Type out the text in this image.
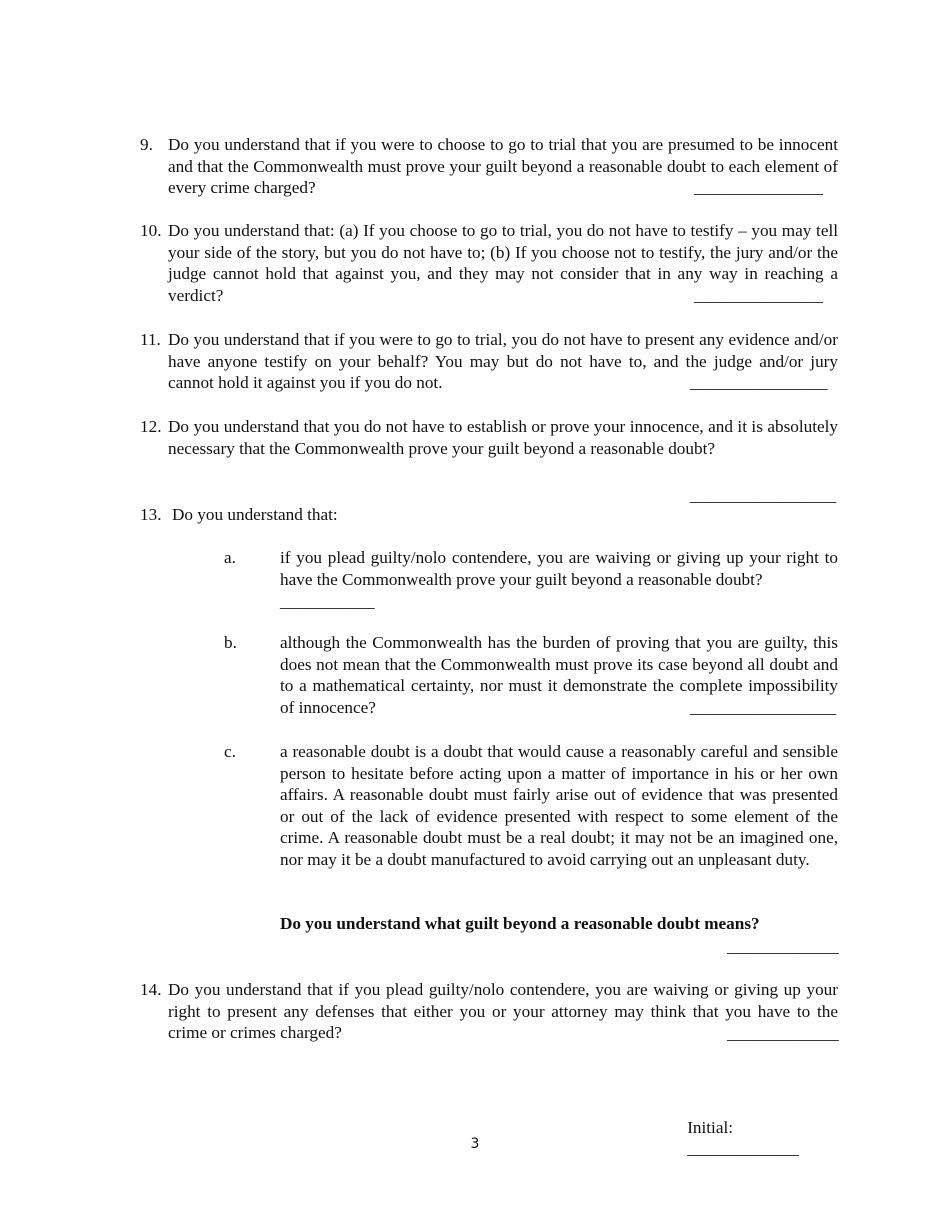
9. Do you understand that if you were to choose to go to trial that you are presumed to be innocent and that the Commonwealth must prove your guilt beyond a reasonable doubt to each element of every crime charged?	_______________
10. Do you understand that: (a) If you choose to go to trial, you do not have to testify – you may tell your side of the story, but you do not have to; (b) If you choose not to testify, the jury and/or the judge cannot hold that against you, and they may not consider that in any way in reaching a verdict?	_______________
11. Do you understand that if you were to go to trial, you do not have to present any evidence and/or have anyone testify on your behalf? You may but do not have to, and the judge and/or jury cannot hold it against you if you do not.	________________
12. Do you understand that you do not have to establish or prove your innocence, and it is absolutely necessary that the Commonwealth prove your guilt beyond a reasonable doubt?
_________________
13. Do you understand that:
a.	if you plead guilty/nolo contendere, you are waiving or giving up your right to have the Commonwealth prove your guilt beyond a reasonable doubt?
___________
b.	although the Commonwealth has the burden of proving that you are guilty, this does not mean that the Commonwealth must prove its case beyond all doubt and to a mathematical certainty, nor must it demonstrate the complete impossibility of innocence?	_________________
c.	a reasonable doubt is a doubt that would cause a reasonably careful and sensible person to hesitate before acting upon a matter of importance in his or her own affairs. A reasonable doubt must fairly arise out of evidence that was presented or out of the lack of evidence presented with respect to some element of the crime. A reasonable doubt must be a real doubt; it may not be an imagined one, nor may it be a doubt manufactured to avoid carrying out an unpleasant duty.
Do you understand what guilt beyond a reasonable doubt means?
_____________
14. Do you understand that if you plead guilty/nolo contendere, you are waiving or giving up your right to present any defenses that either you or your attorney may think that you have to the crime or crimes charged?	_____________

Initial:
_____________

3
